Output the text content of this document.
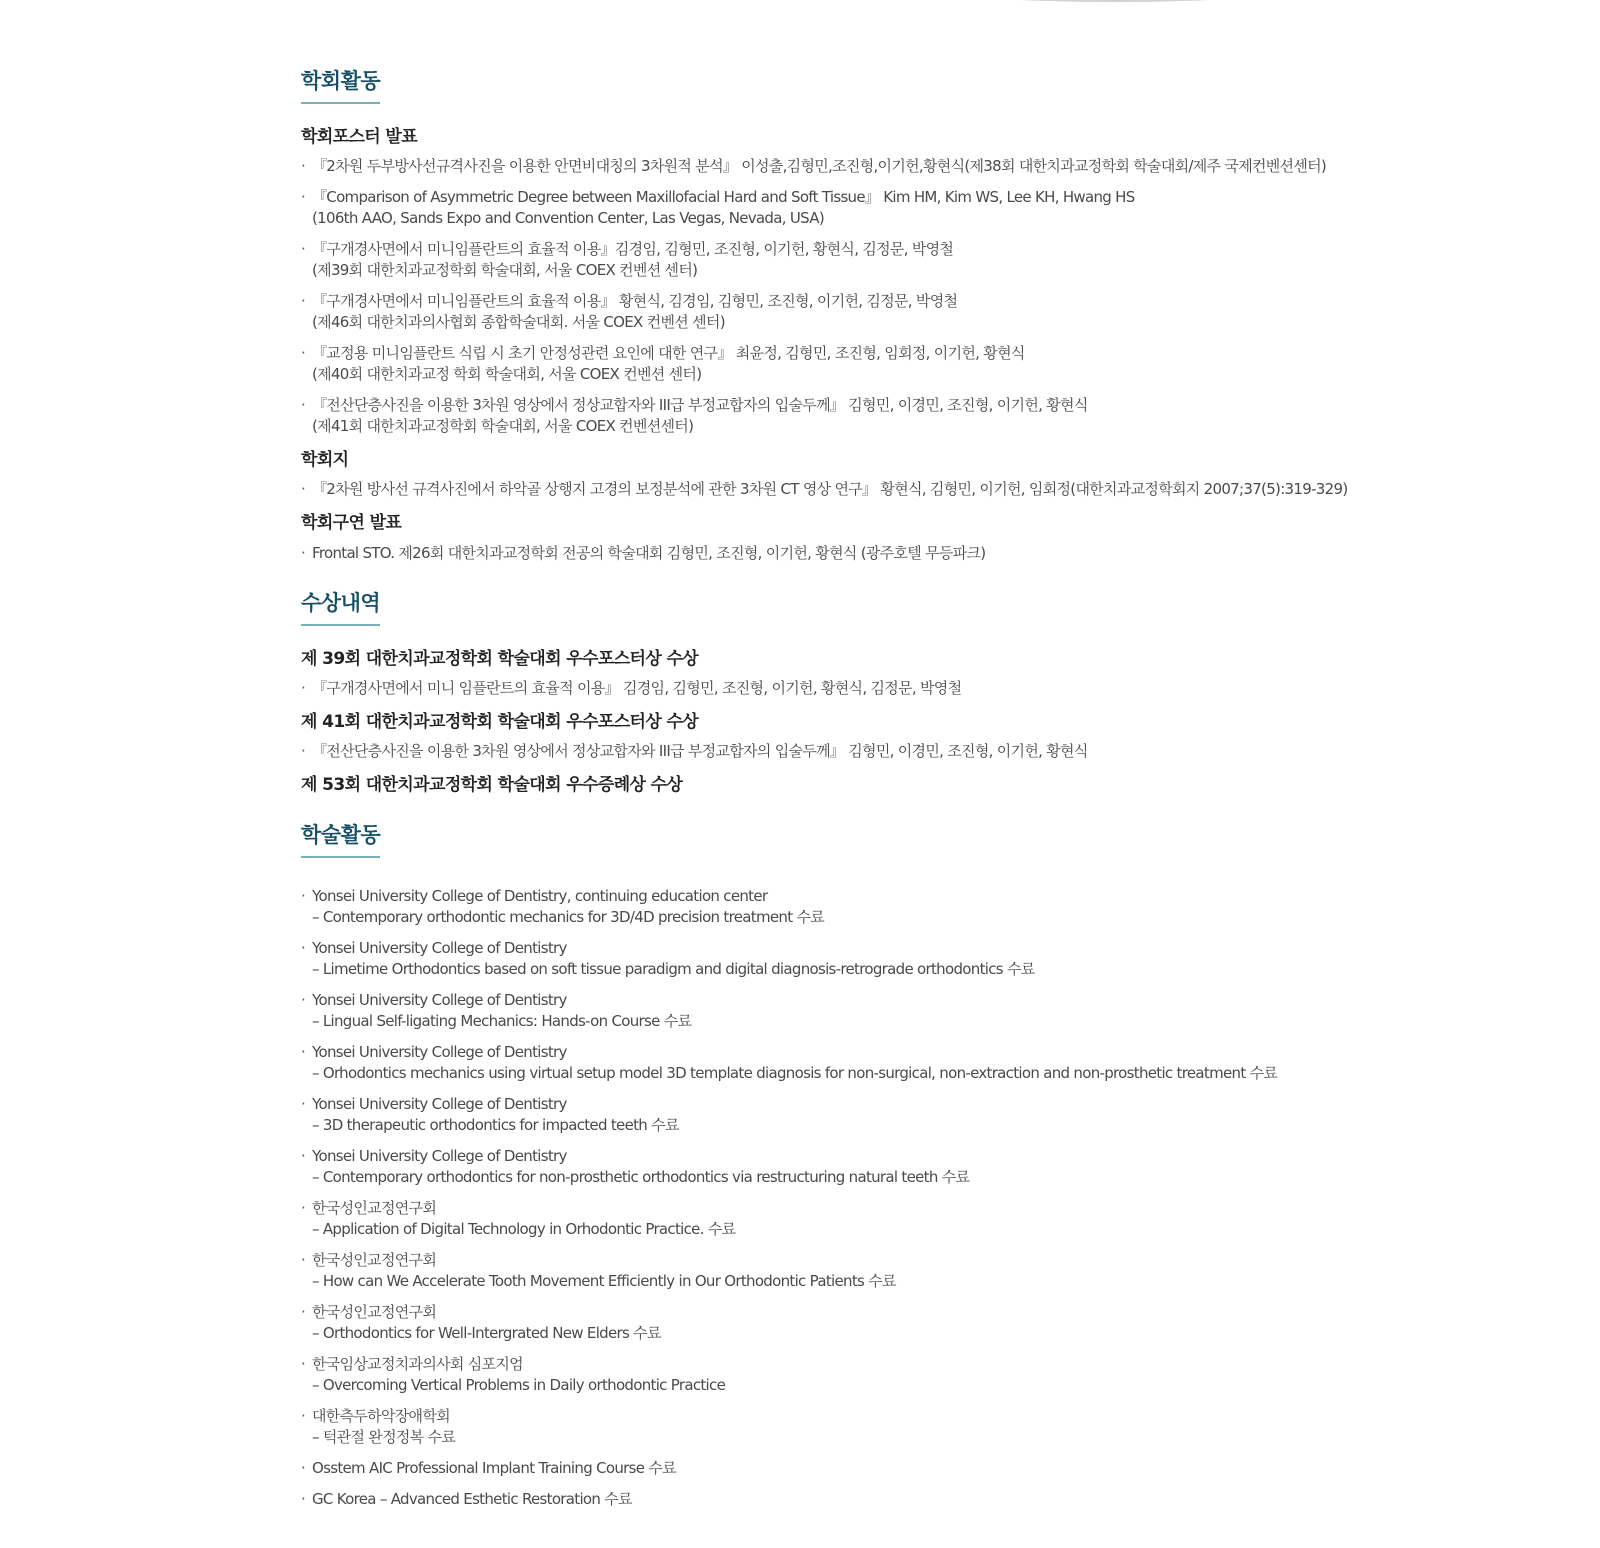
학회활동
학회포스터 발표
· 『2차원 두부방사선규격사진을 이용한 안면비대칭의 3차원적 분석』 이성출,김형민,조진형,이기헌,황현식(제38회 대한치과교정학회 학술대회/제주 국제컨벤션센터)
· 『Comparison of Asymmetric Degree between Maxillofacial Hard and Soft Tissue』 Kim HM, Kim WS, Lee KH, Hwang HS
(106th AAO, Sands Expo and Convention Center, Las Vegas, Nevada, USA)
· 『구개경사면에서 미니임플란트의 효율적 이용』김경임, 김형민, 조진형, 이기헌, 황현식, 김정문, 박영철
(제39회 대한치과교정학회 학술대회, 서울 COEX 컨벤션 센터)
· 『구개경사면에서 미니임플란트의 효율적 이용』 황현식, 김경임, 김형민, 조진형, 이기헌, 김정문, 박영철
(제46회 대한치과의사협회 종합학술대회. 서울 COEX 컨벤션 센터)
· 『교정용 미니임플란트 식립 시 초기 안정성관련 요인에 대한 연구』 최윤정, 김형민, 조진형, 임회정, 이기헌, 황현식
(제40회 대한치과교정 학회 학술대회, 서울 COEX 컨벤션 센터)
· 『전산단층사진을 이용한 3차원 영상에서 정상교합자와 III급 부정교합자의 입술두께』 김형민, 이경민, 조진형, 이기헌, 황현식
(제41회 대한치과교정학회 학술대회, 서울 COEX 컨벤션센터)
학회지
· 『2차원 방사선 규격사진에서 하악골 상행지 고경의 보정분석에 관한 3차원 CT 영상 연구』 황현식, 김형민, 이기헌, 임회정(대한치과교정학회지 2007;37(5):319-329)
학회구연 발표
· Frontal STO. 제26회 대한치과교정학회 전공의 학술대회 김형민, 조진형, 이기헌, 황현식 (광주호텔 무등파크)
수상내역
제 39회 대한치과교정학회 학술대회 우수포스터상 수상
· 『구개경사면에서 미니 임플란트의 효율적 이용』 김경임, 김형민, 조진형, 이기헌, 황현식, 김정문, 박영철
제 41회 대한치과교정학회 학술대회 우수포스터상 수상
· 『전산단층사진을 이용한 3차원 영상에서 정상교합자와 III급 부정교합자의 입술두께』 김형민, 이경민, 조진형, 이기헌, 황현식
제 53회 대한치과교정학회 학술대회 우수증례상 수상
학술활동
· Yonsei University College of Dentistry, continuing education center
– Contemporary orthodontic mechanics for 3D/4D precision treatment 수료
· Yonsei University College of Dentistry
– Limetime Orthodontics based on soft tissue paradigm and digital diagnosis-retrograde orthodontics 수료
· Yonsei University College of Dentistry
– Lingual Self-ligating Mechanics: Hands-on Course 수료
· Yonsei University College of Dentistry
– Orhodontics mechanics using virtual setup model 3D template diagnosis for non-surgical, non-extraction and non-prosthetic treatment 수료
· Yonsei University College of Dentistry
– 3D therapeutic orthodontics for impacted teeth 수료
· Yonsei University College of Dentistry
– Contemporary orthodontics for non-prosthetic orthodontics via restructuring natural teeth 수료
· 한국성인교정연구회
– Application of Digital Technology in Orhodontic Practice. 수료
· 한국성인교정연구회
– How can We Accelerate Tooth Movement Efficiently in Our Orthodontic Patients 수료
· 한국성인교정연구회
– Orthodontics for Well-Intergrated New Elders 수료
· 한국임상교정치과의사회 심포지엄
– Overcoming Vertical Problems in Daily orthodontic Practice
· 대한측두하악장애학회
– 턱관절 완정정복 수료
· Osstem AIC Professional Implant Training Course 수료
· GC Korea – Advanced Esthetic Restoration 수료
